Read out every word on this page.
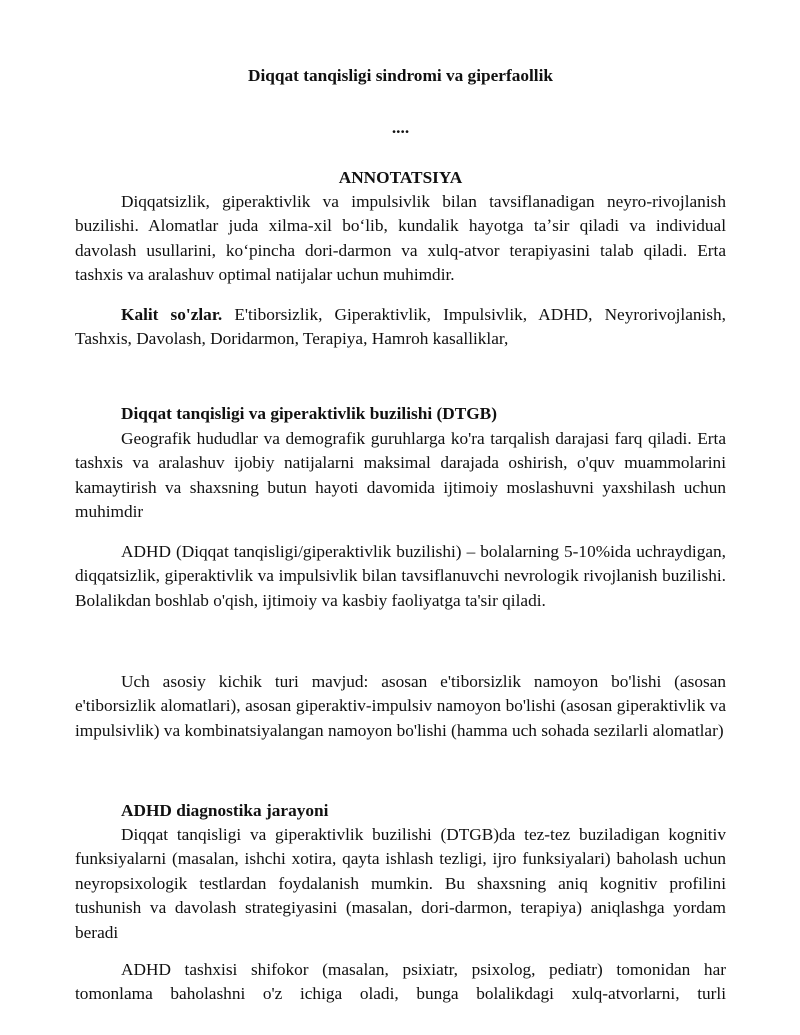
Diqqat tanqisligi sindromi va giperfaollik

....

ANNOTATSIYA

Diqqatsizlik, giperaktivlik va impulsivlik bilan tavsiflanadigan neyro-rivojlanish buzilishi. Alomatlar juda xilma-xil boʻlib, kundalik hayotga taʼsir qiladi va individual davolash usullarini, koʻpincha dori-darmon va xulq-atvor terapiyasini talab qiladi. Erta tashxis va aralashuv optimal natijalar uchun muhimdir.

Kalit so'zlar. E'tiborsizlik, Giperaktivlik, Impulsivlik, ADHD, Neyrorivojlanish, Tashxis, Davolash, Doridarmon, Terapiya, Hamroh kasalliklar,

Diqqat tanqisligi va giperaktivlik buzilishi (DTGB)

Geografik hududlar va demografik guruhlarga ko'ra tarqalish darajasi farq qiladi. Erta tashxis va aralashuv ijobiy natijalarni maksimal darajada oshirish, o'quv muammolarini kamaytirish va shaxsning butun hayoti davomida ijtimoiy moslashuvni yaxshilash uchun muhimdir

ADHD (Diqqat tanqisligi/giperaktivlik buzilishi) – bolalarning 5-10%ida uchraydigan, diqqatsizlik, giperaktivlik va impulsivlik bilan tavsiflanuvchi nevrologik rivojlanish buzilishi. Bolalikdan boshlab o'qish, ijtimoiy va kasbiy faoliyatga ta'sir qiladi.

Uch asosiy kichik turi mavjud: asosan e'tiborsizlik namoyon bo'lishi (asosan e'tiborsizlik alomatlari), asosan giperaktiv-impulsiv namoyon bo'lishi (asosan giperaktivlik va impulsivlik) va kombinatsiyalangan namoyon bo'lishi (hamma uch sohada sezilarli alomatlar)

ADHD diagnostika jarayoni

Diqqat tanqisligi va giperaktivlik buzilishi (DTGB)da tez-tez buziladigan kognitiv funksiyalarni (masalan, ishchi xotira, qayta ishlash tezligi, ijro funksiyalari) baholash uchun neyropsixologik testlardan foydalanish mumkin. Bu shaxsning aniq kognitiv profilini tushunish va davolash strategiyasini (masalan, dori-darmon, terapiya) aniqlashga yordam beradi

ADHD tashxisi shifokor (masalan, psixiatr, psixolog, pediatr) tomonidan har tomonlama baholashni o'z ichiga oladi, bunga bolalikdagi xulq-atvorlarni, turli
